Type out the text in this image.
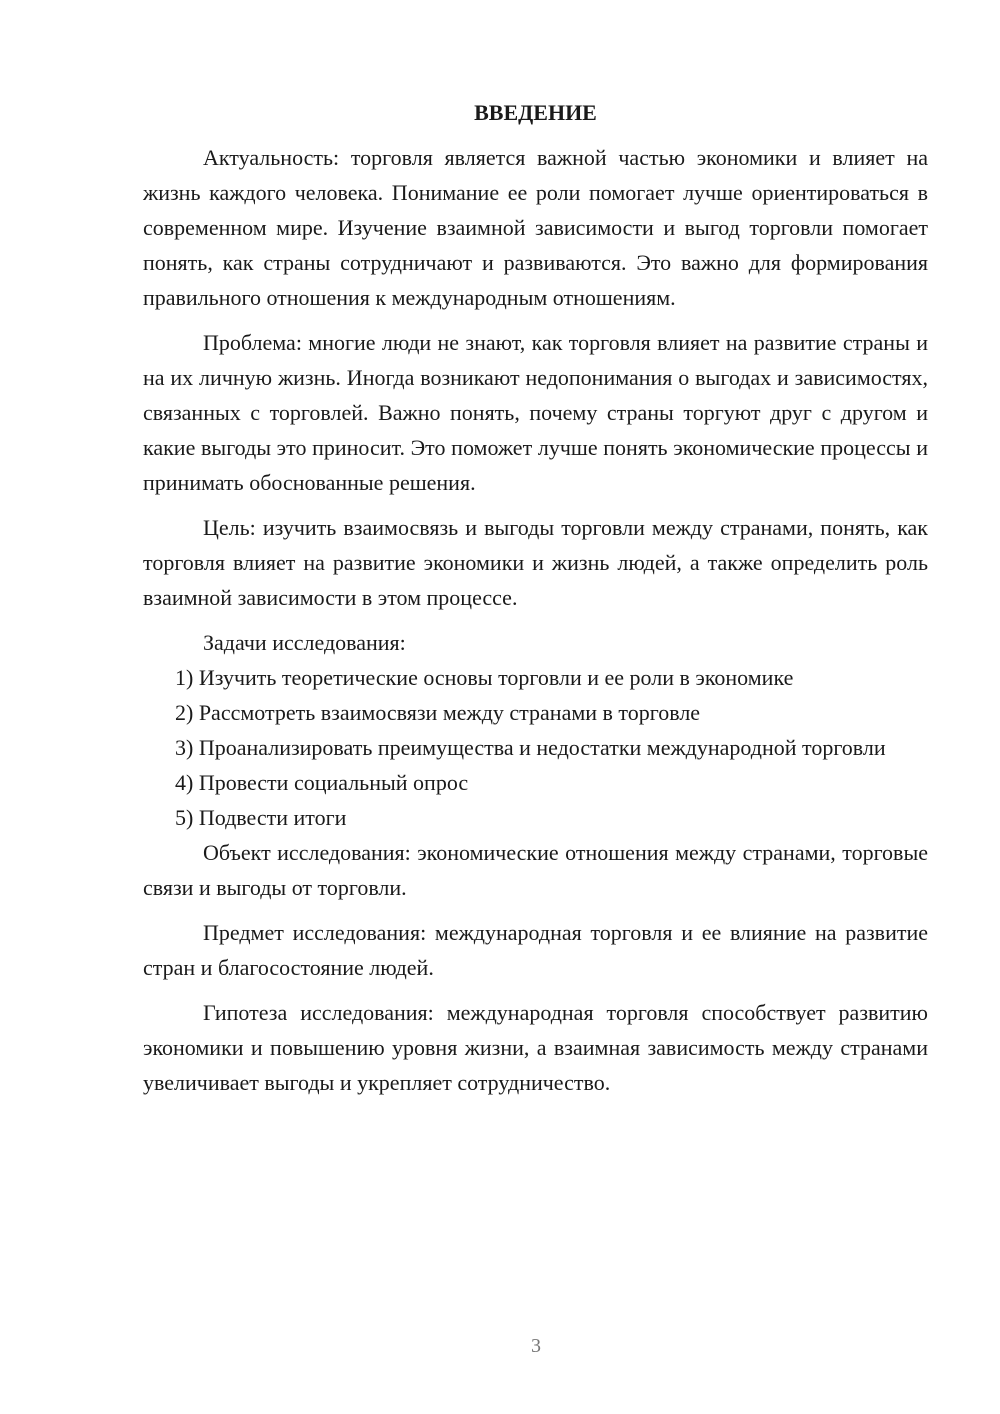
ВВЕДЕНИЕ

Актуальность: торговля является важной частью экономики и влияет на жизнь каждого человека. Понимание ее роли помогает лучше ориентироваться в современном мире. Изучение взаимной зависимости и выгод торговли помогает понять, как страны сотрудничают и развиваются. Это важно для формирования правильного отношения к международным отношениям.

Проблема: многие люди не знают, как торговля влияет на развитие страны и на их личную жизнь. Иногда возникают недопонимания о выгодах и зависимостях, связанных с торговлей. Важно понять, почему страны торгуют друг с другом и какие выгоды это приносит. Это поможет лучше понять экономические процессы и принимать обоснованные решения.

Цель: изучить взаимосвязь и выгоды торговли между странами, понять, как торговля влияет на развитие экономики и жизнь людей, а также определить роль взаимной зависимости в этом процессе.

Задачи исследования:

1) Изучить теоретические основы торговли и ее роли в экономике

2) Рассмотреть взаимосвязи между странами в торговле

3) Проанализировать преимущества и недостатки международной торговли

4) Провести социальный опрос

5) Подвести итоги

Объект исследования: экономические отношения между странами, торговые связи и выгоды от торговли.

Предмет исследования: международная торговля и ее влияние на развитие стран и благосостояние людей.

Гипотеза исследования: международная торговля способствует развитию экономики и повышению уровня жизни, а взаимная зависимость между странами увеличивает выгоды и укрепляет сотрудничество.

3
